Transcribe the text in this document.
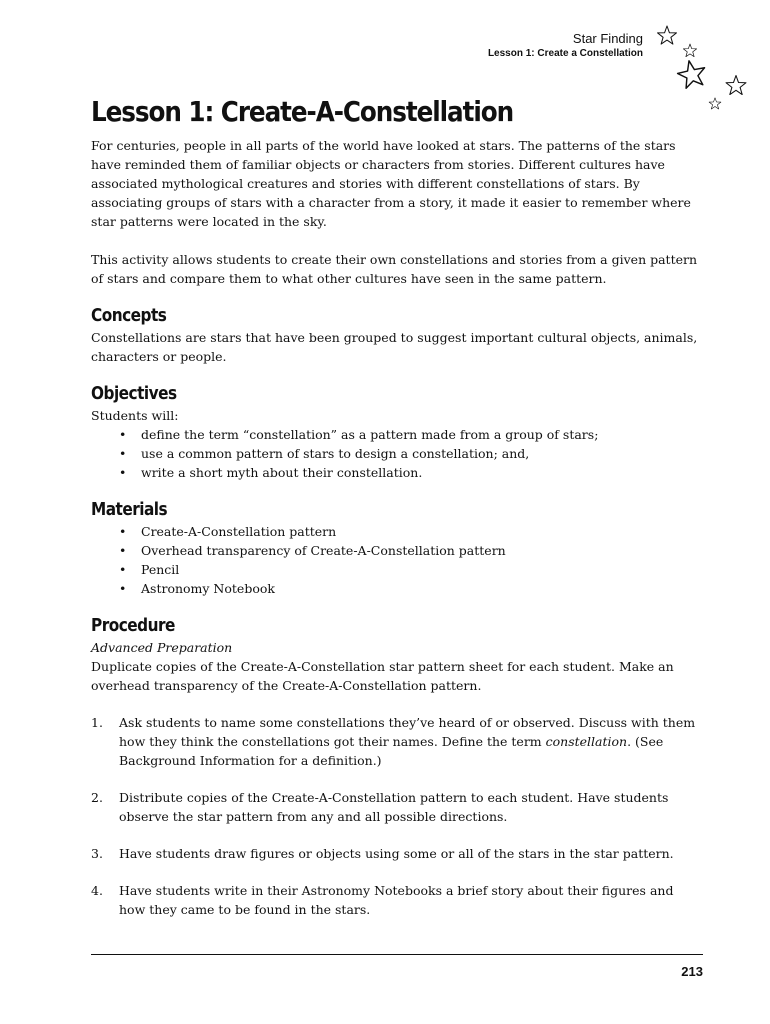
Star Finding
Lesson 1: Create a Constellation
Lesson 1: Create-A-Constellation

For centuries, people in all parts of the world have looked at stars. The patterns of the stars have reminded them of familiar objects or characters from stories. Different cultures have associated mythological creatures and stories with different constellations of stars. By associating groups of stars with a character from a story, it made it easier to remember where star patterns were located in the sky.

This activity allows students to create their own constellations and stories from a given pattern of stars and compare them to what other cultures have seen in the same pattern.

Concepts

Constellations are stars that have been grouped to suggest important cultural objects, animals, characters or people.

Objectives

Students will:

• define the term “constellation” as a pattern made from a group of stars;
• use a common pattern of stars to design a constellation; and,
• write a short myth about their constellation.
Materials
• Create-A-Constellation pattern
• Overhead transparency of Create-A-Constellation pattern
• Pencil
• Astronomy Notebook
Procedure

Advanced Preparation

Duplicate copies of the Create-A-Constellation star pattern sheet for each student. Make an overhead transparency of the Create-A-Constellation pattern.

1. Ask students to name some constellations they’ve heard of or observed. Discuss with them how they think the constellations got their names. Define the term constellation. (See Background Information for a definition.)
2. Distribute copies of the Create-A-Constellation pattern to each student. Have students observe the star pattern from any and all possible directions.
3. Have students draw figures or objects using some or all of the stars in the star pattern.
4. Have students write in their Astronomy Notebooks a brief story about their figures and how they came to be found in the stars.
213
